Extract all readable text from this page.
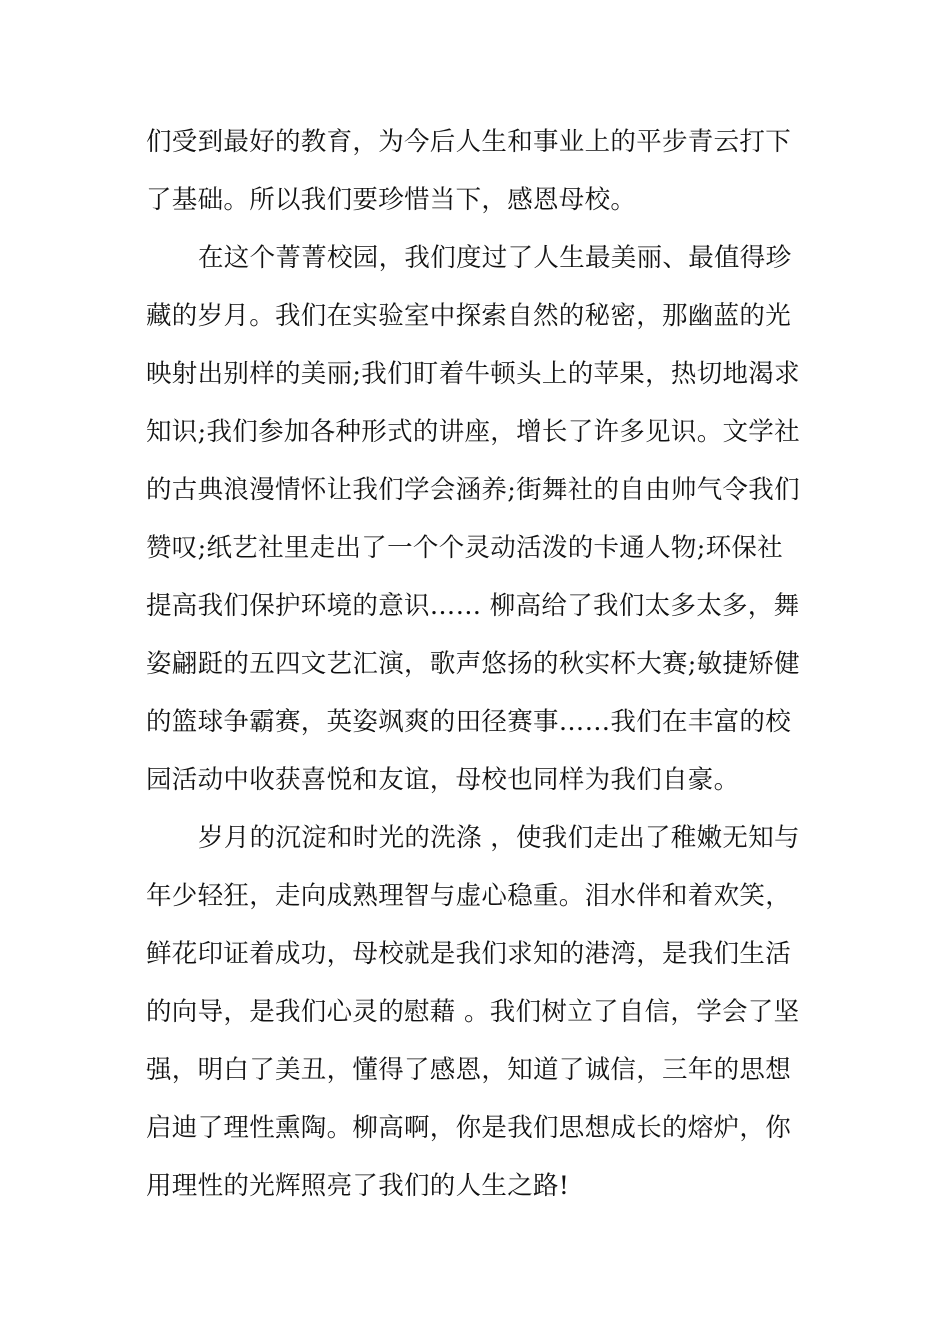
们受到最好的教育，为今后人生和事业上的平步青云打下
了基础。所以我们要珍惜当下，感恩母校。
在这个菁菁校园，我们度过了人生最美丽、最值得珍
藏的岁月。我们在实验室中探索自然的秘密，那幽蓝的光
映射出别样的美丽;我们盯着牛顿头上的苹果，热切地渴求
知识;我们参加各种形式的讲座，增长了许多见识。文学社
的古典浪漫情怀让我们学会涵养;街舞社的自由帅气令我们
赞叹;纸艺社里走出了一个个灵动活泼的卡通人物;环保社
提高我们保护环境的意识…… 柳高给了我们太多太多，舞
姿翩跹的五四文艺汇演，歌声悠扬的秋实杯大赛;敏捷矫健
的篮球争霸赛，英姿飒爽的田径赛事……我们在丰富的校
园活动中收获喜悦和友谊，母校也同样为我们自豪。
岁月的沉淀和时光的洗涤 ，使我们走出了稚嫩无知与
年少轻狂，走向成熟理智与虚心稳重。泪水伴和着欢笑，
鲜花印证着成功，母校就是我们求知的港湾，是我们生活
的向导，是我们心灵的慰藉 。我们树立了自信，学会了坚
强，明白了美丑，懂得了感恩，知道了诚信，三年的思想
启迪了理性熏陶。柳高啊，你是我们思想成长的熔炉，你
用理性的光辉照亮了我们的人生之路!
